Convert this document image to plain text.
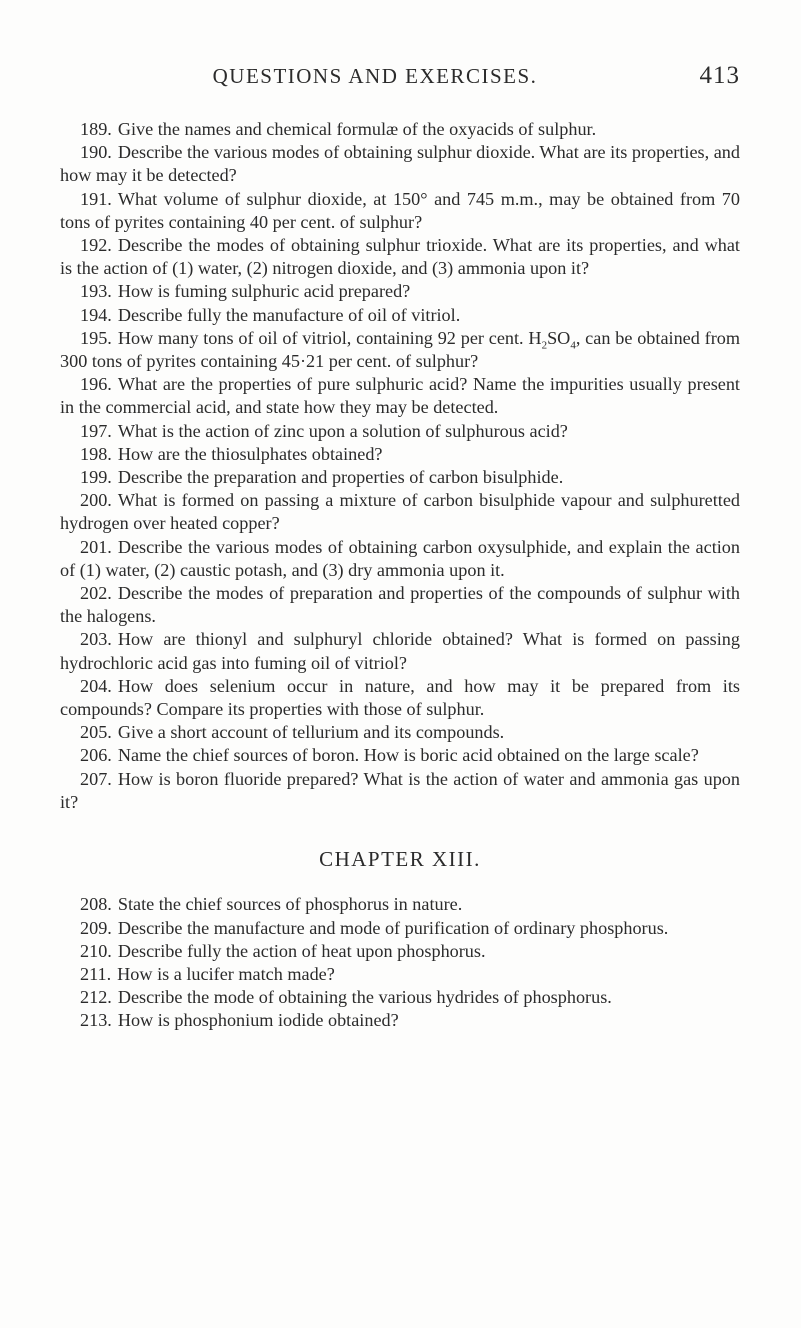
QUESTIONS AND EXERCISES.	413

189. Give the names and chemical formulæ of the oxyacids of sulphur.

190. Describe the various modes of obtaining sulphur dioxide. What are its properties, and how may it be detected?

191. What volume of sulphur dioxide, at 150° and 745 m.m., may be obtained from 70 tons of pyrites containing 40 per cent. of sulphur?

192. Describe the modes of obtaining sulphur trioxide. What are its properties, and what is the action of (1) water, (2) nitrogen dioxide, and (3) ammonia upon it?

193. How is fuming sulphuric acid prepared?

194. Describe fully the manufacture of oil of vitriol.

195. How many tons of oil of vitriol, containing 92 per cent. $H_2SO_4$, can be obtained from 300 tons of pyrites containing 45·21 per cent. of sulphur?

196. What are the properties of pure sulphuric acid? Name the impurities usually present in the commercial acid, and state how they may be detected.

197. What is the action of zinc upon a solution of sulphurous acid?

198. How are the thiosulphates obtained?

199. Describe the preparation and properties of carbon bisulphide.

200. What is formed on passing a mixture of carbon bisulphide vapour and sulphuretted hydrogen over heated copper?

201. Describe the various modes of obtaining carbon oxysulphide, and explain the action of (1) water, (2) caustic potash, and (3) dry ammonia upon it.

202. Describe the modes of preparation and properties of the compounds of sulphur with the halogens.

203. How are thionyl and sulphuryl chloride obtained? What is formed on passing hydrochloric acid gas into fuming oil of vitriol?

204. How does selenium occur in nature, and how may it be prepared from its compounds? Compare its properties with those of sulphur.

205. Give a short account of tellurium and its compounds.

206. Name the chief sources of boron. How is boric acid obtained on the large scale?

207. How is boron fluoride prepared? What is the action of water and ammonia gas upon it?

CHAPTER XIII.

208. State the chief sources of phosphorus in nature.

209. Describe the manufacture and mode of purification of ordinary phosphorus.

210. Describe fully the action of heat upon phosphorus.

211. How is a lucifer match made?

212. Describe the mode of obtaining the various hydrides of phosphorus.

213. How is phosphonium iodide obtained?
